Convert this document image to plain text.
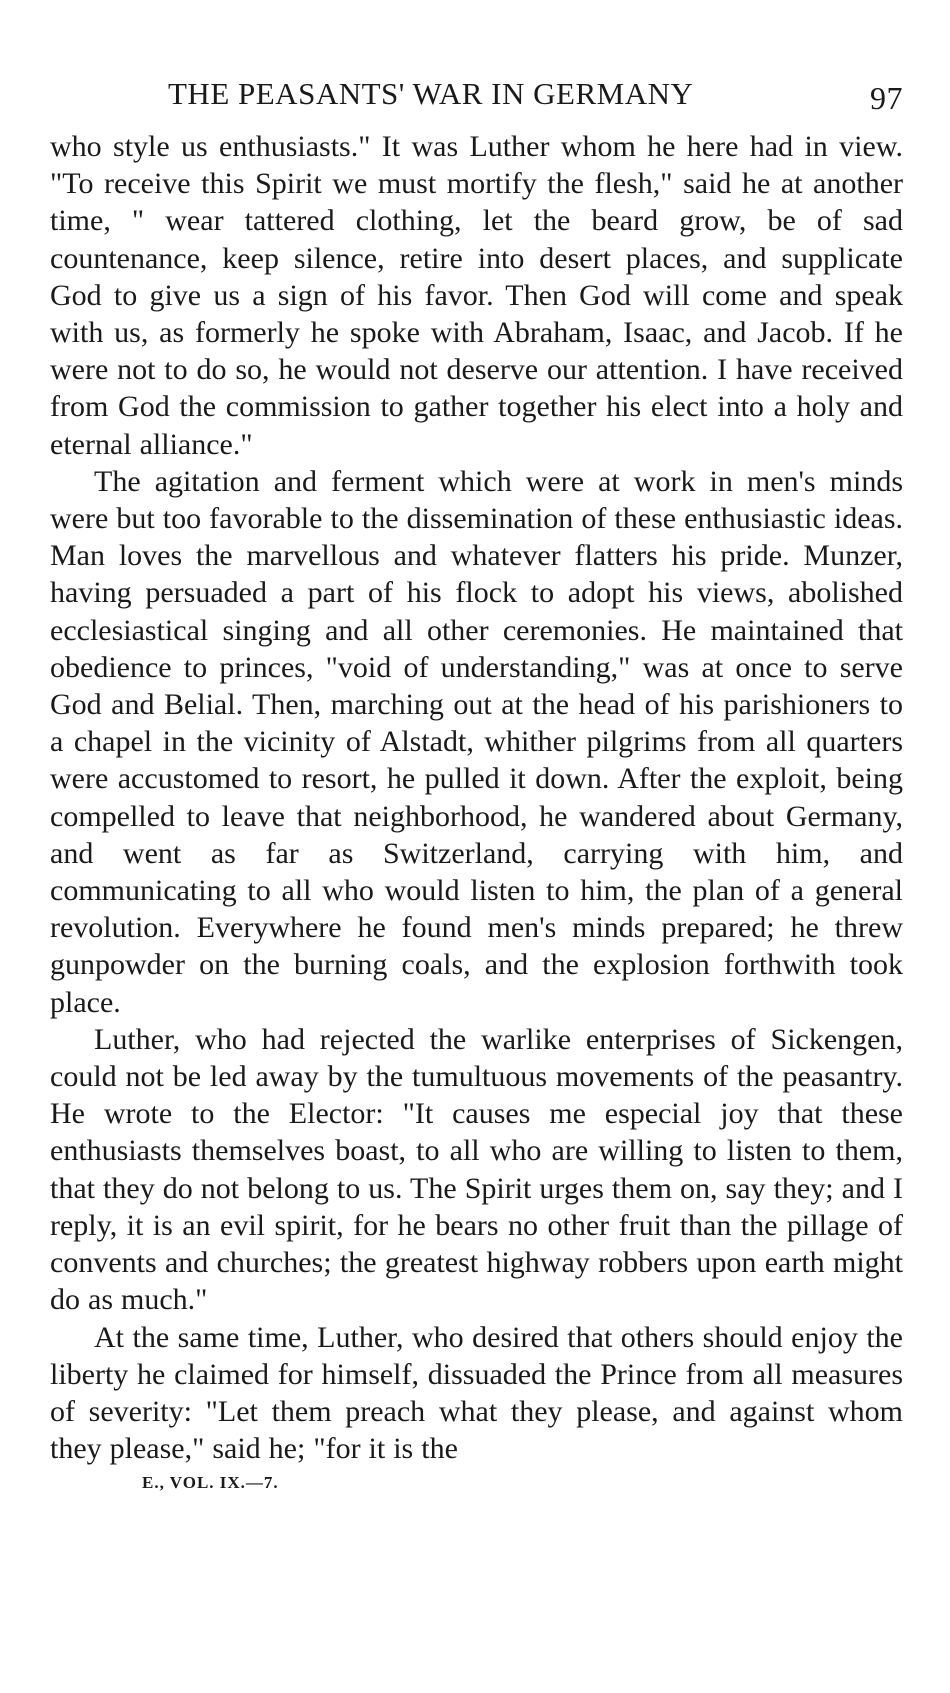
THE PEASANTS' WAR IN GERMANY	97

who style us enthusiasts." It was Luther whom he here had in view. "To receive this Spirit we must mortify the flesh," said he at another time, " wear tattered clothing, let the beard grow, be of sad countenance, keep silence, retire into desert places, and supplicate God to give us a sign of his favor. Then God will come and speak with us, as formerly he spoke with Abraham, Isaac, and Jacob. If he were not to do so, he would not deserve our attention. I have received from God the commission to gather together his elect into a holy and eternal alliance."

The agitation and ferment which were at work in men's minds were but too favorable to the dissemination of these enthusiastic ideas. Man loves the marvellous and whatever flatters his pride. Munzer, having persuaded a part of his flock to adopt his views, abolished ecclesiastical singing and all other ceremonies. He maintained that obedience to princes, "void of understanding," was at once to serve God and Belial. Then, marching out at the head of his parishioners to a chapel in the vicinity of Alstadt, whither pilgrims from all quarters were accustomed to resort, he pulled it down. After the exploit, being compelled to leave that neighborhood, he wandered about Germany, and went as far as Switzerland, carrying with him, and communicating to all who would listen to him, the plan of a general revolution. Everywhere he found men's minds prepared; he threw gunpowder on the burning coals, and the explosion forthwith took place.

Luther, who had rejected the warlike enterprises of Sickengen, could not be led away by the tumultuous movements of the peasantry. He wrote to the Elector: "It causes me especial joy that these enthusiasts themselves boast, to all who are willing to listen to them, that they do not belong to us. The Spirit urges them on, say they; and I reply, it is an evil spirit, for he bears no other fruit than the pillage of convents and churches; the greatest highway robbers upon earth might do as much."

At the same time, Luther, who desired that others should enjoy the liberty he claimed for himself, dissuaded the Prince from all measures of severity: "Let them preach what they please, and against whom they please," said he; "for it is the

E., VOL. IX.—7.
